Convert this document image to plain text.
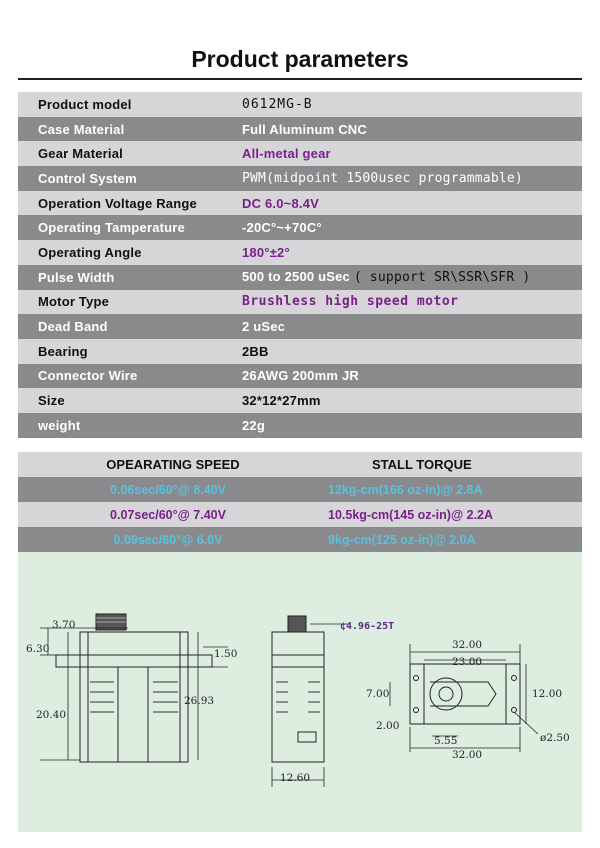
Product parameters
Product model	0612MG-B
Case Material	Full Aluminum CNC
Gear Material	All-metal gear
Control System	PWM(midpoint 1500usec programmable)
Operation Voltage Range	DC 6.0~8.4V
Operating Tamperature	-20C°~+70C°
Operating Angle	180°±2°
Pulse Width	500 to 2500 uSec ( support SR\SSR\SFR )
Motor Type	Brushless high speed motor
Dead Band	2 uSec
Bearing	2BB
Connector Wire	26AWG 200mm JR
Size	32*12*27mm
weight	22g
OPEARATING SPEED	STALL TORQUE
0.06sec/60°@ 8.40V	12kg-cm(166 oz-in)@ 2.8A
0.07sec/60°@ 7.40V	10.5kg-cm(145 oz-in)@ 2.2A
0.09sec/60°@ 6.0V	9kg-cm(125 oz-in)@ 2.0A
3.70
6.30
20.40
26.93
1.50
¢4.96-25T
12.60
32.00
23.00
7.00	12.00
2.00
5.55	ø2.50
32.00
